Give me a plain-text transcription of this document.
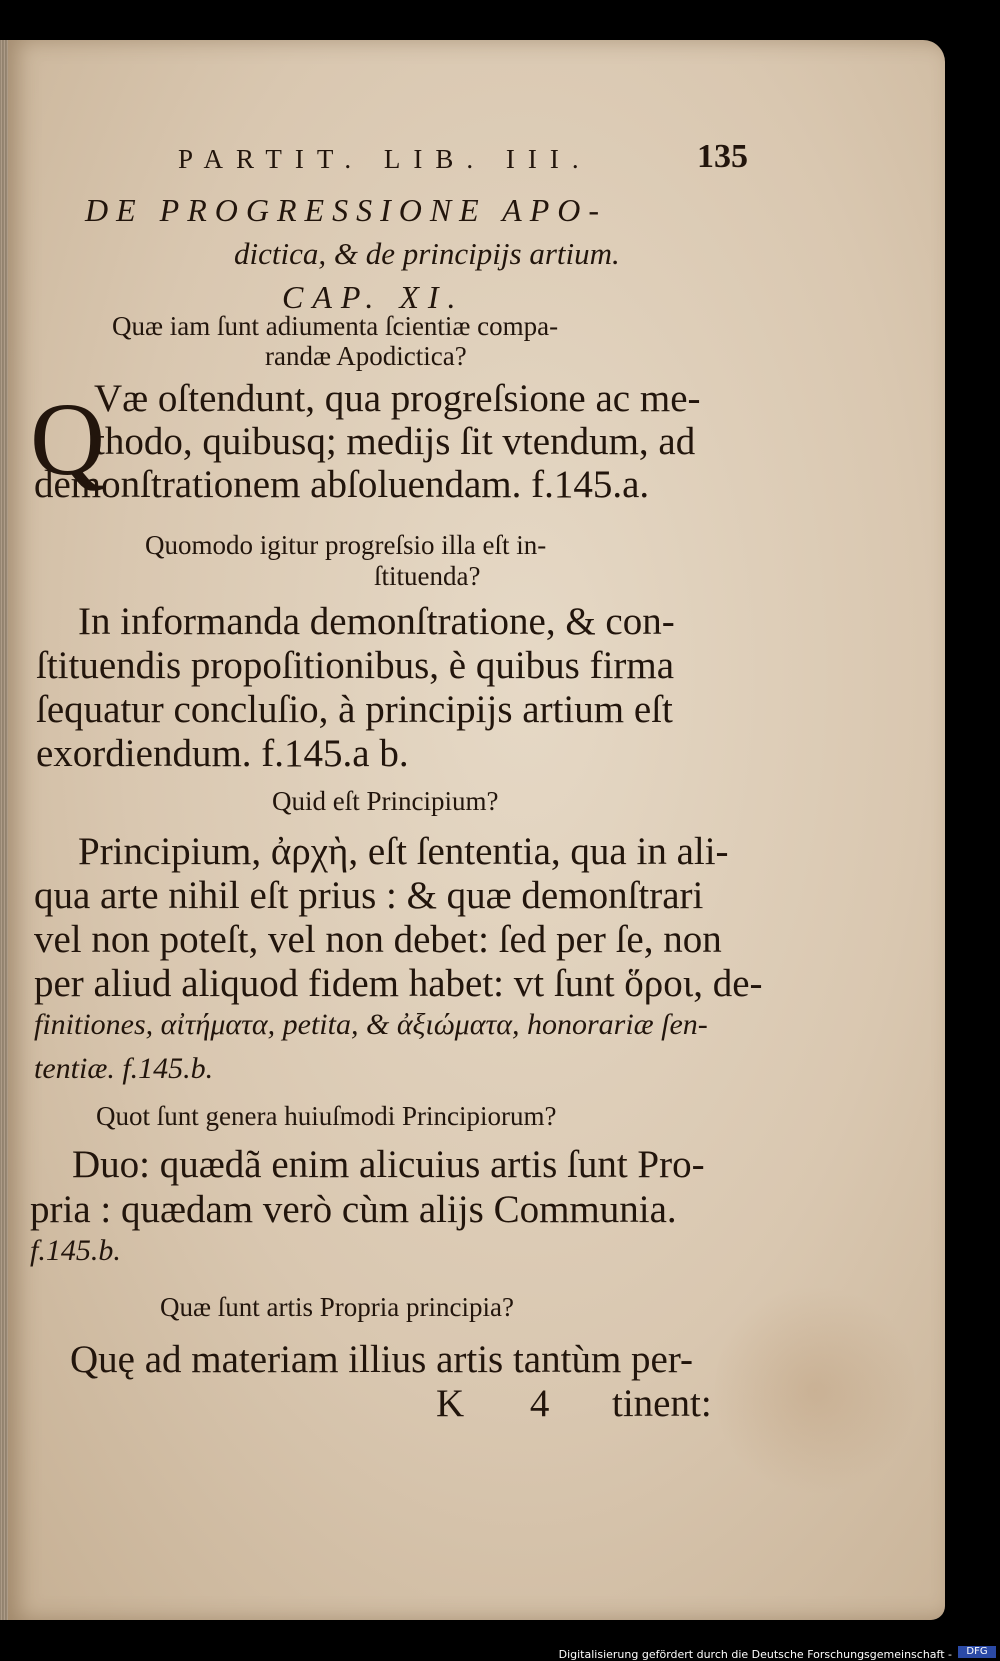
PARTIT. LIB. III.	135

DE PROGRESSIONE APO-

dictica, & de principijs artium.

CAP. XI.

Quæ iam ſunt adiumenta ſcientiæ compa-

randæ Apodictica?

Q

Væ oſtendunt, qua progreſsione ac me-

thodo, quibusq; medijs ſit vtendum, ad

demonſtrationem abſoluendam. f.145.a.

Quomodo igitur progreſsio illa eſt in-

ſtituenda?

In informanda demonſtratione, & con-

ſtituendis propoſitionibus, è quibus firma

ſequatur concluſio, à principijs artium eſt

exordiendum. f.145.a b.

Quid eſt Principium?

Principium, ἀρχὴ, eſt ſententia, qua in ali-

qua arte nihil eſt prius : & quæ demonſtrari

vel non poteſt, vel non debet: ſed per ſe, non

per aliud aliquod fidem habet: vt ſunt ὅροι, de-

finitiones, αἰτήματα, petita, & ἀξιώματα, honorariæ ſen-

tentiæ. f.145.b.

Quot ſunt genera huiuſmodi Principiorum?

Duo: quædã enim alicuius artis ſunt Pro-

pria : quædam verò cùm alijs Communia.

f.145.b.

Quæ ſunt artis Propria principia?

Quę ad materiam illius artis tantùm per-

K 4 tinent:

Digitalisierung gefördert durch die Deutsche Forschungsgemeinschaft -	DFG
